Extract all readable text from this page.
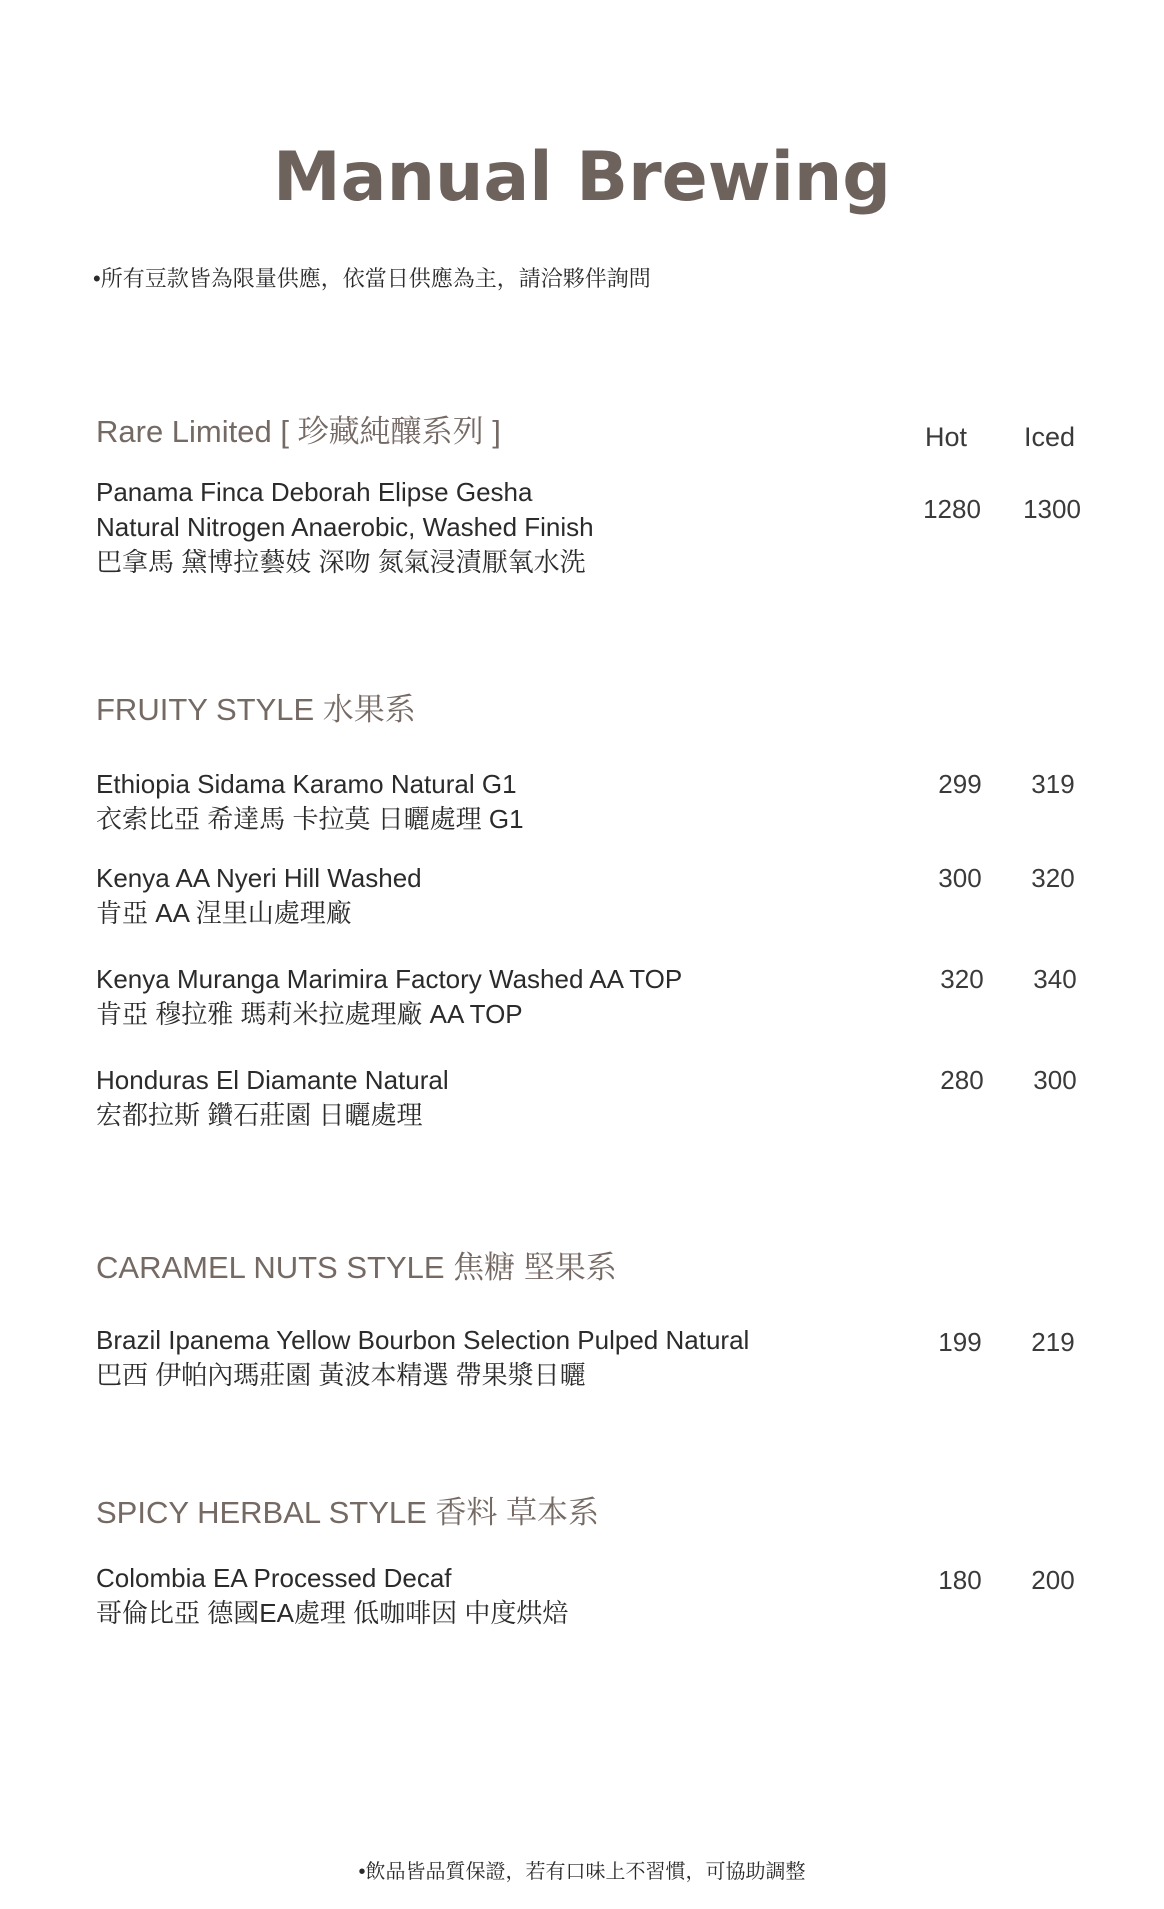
Manual Brewing
•所有豆款皆為限量供應，依當日供應為主，請洽夥伴詢問
Rare Limited [ 珍藏純釀系列 ]	Hot Iced
Panama Finca Deborah Elipse Gesha
Natural Nitrogen Anaerobic, Washed Finish
巴拿馬 黛博拉藝妓 深吻 氮氣浸漬厭氧水洗
1280	1300
FRUITY STYLE 水果系
Ethiopia Sidama Karamo Natural G1
衣索比亞 希達馬 卡拉莫 日曬處理 G1
299	319
Kenya AA Nyeri Hill Washed
肯亞 AA 涅里山處理廠
300	320
Kenya Muranga Marimira Factory Washed AA TOP
肯亞 穆拉雅 瑪莉米拉處理廠 AA TOP
320	340
Honduras El Diamante Natural
宏都拉斯 鑽石莊園 日曬處理
280	300
CARAMEL NUTS STYLE 焦糖 堅果系
Brazil Ipanema Yellow Bourbon Selection Pulped Natural
巴西 伊帕內瑪莊園 黃波本精選 帶果漿日曬
199	219
SPICY HERBAL STYLE 香料 草本系
Colombia EA Processed Decaf
哥倫比亞 德國EA處理 低咖啡因 中度烘焙
180	200
•飲品皆品質保證，若有口味上不習慣，可協助調整
